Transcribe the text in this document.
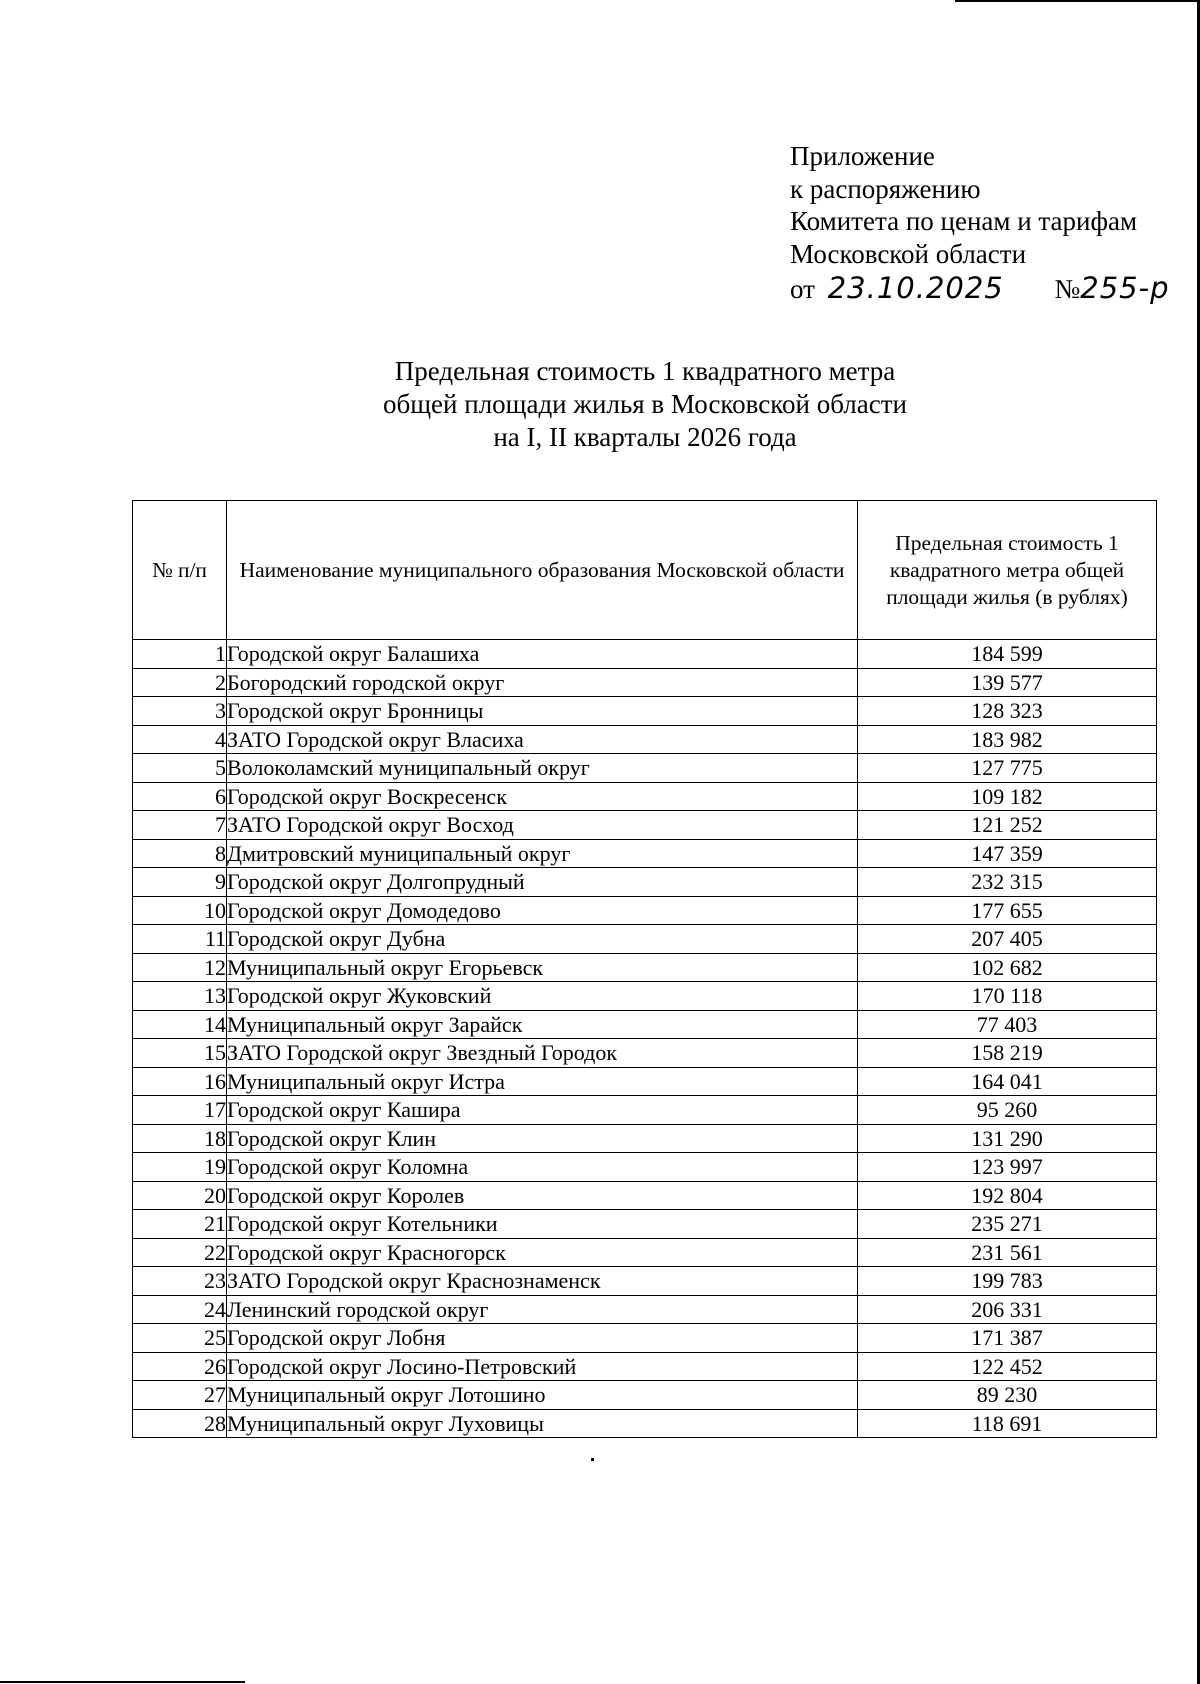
Приложение
к распоряжению
Комитета по ценам и тарифам
Московской области
от 23.10.2025 №255-р
Предельная стоимость 1 квадратного метра
общей площади жилья в Московской области
на I, II кварталы 2026 года
№ п/п	Наименование муниципального образования Московской области	Предельная стоимость 1 квадратного метра общей площади жилья (в рублях)

1	Городской округ Балашиха	184 599
2	Богородский городской округ	139 577
3	Городской округ Бронницы	128 323
4	ЗАТО Городской округ Власиха	183 982
5	Волоколамский муниципальный округ	127 775
6	Городской округ Воскресенск	109 182
7	ЗАТО Городской округ Восход	121 252
8	Дмитровский муниципальный округ	147 359
9	Городской округ Долгопрудный	232 315
10	Городской округ Домодедово	177 655
11	Городской округ Дубна	207 405
12	Муниципальный округ Егорьевск	102 682
13	Городской округ Жуковский	170 118
14	Муниципальный округ Зарайск	77 403
15	ЗАТО Городской округ Звездный Городок	158 219
16	Муниципальный округ Истра	164 041
17	Городской округ Кашира	95 260
18	Городской округ Клин	131 290
19	Городской округ Коломна	123 997
20	Городской округ Королев	192 804
21	Городской округ Котельники	235 271
22	Городской округ Красногорск	231 561
23	ЗАТО Городской округ Краснознаменск	199 783
24	Ленинский городской округ	206 331
25	Городской округ Лобня	171 387
26	Городской округ Лосино-Петровский	122 452
27	Муниципальный округ Лотошино	89 230
28	Муниципальный округ Луховицы	118 691
